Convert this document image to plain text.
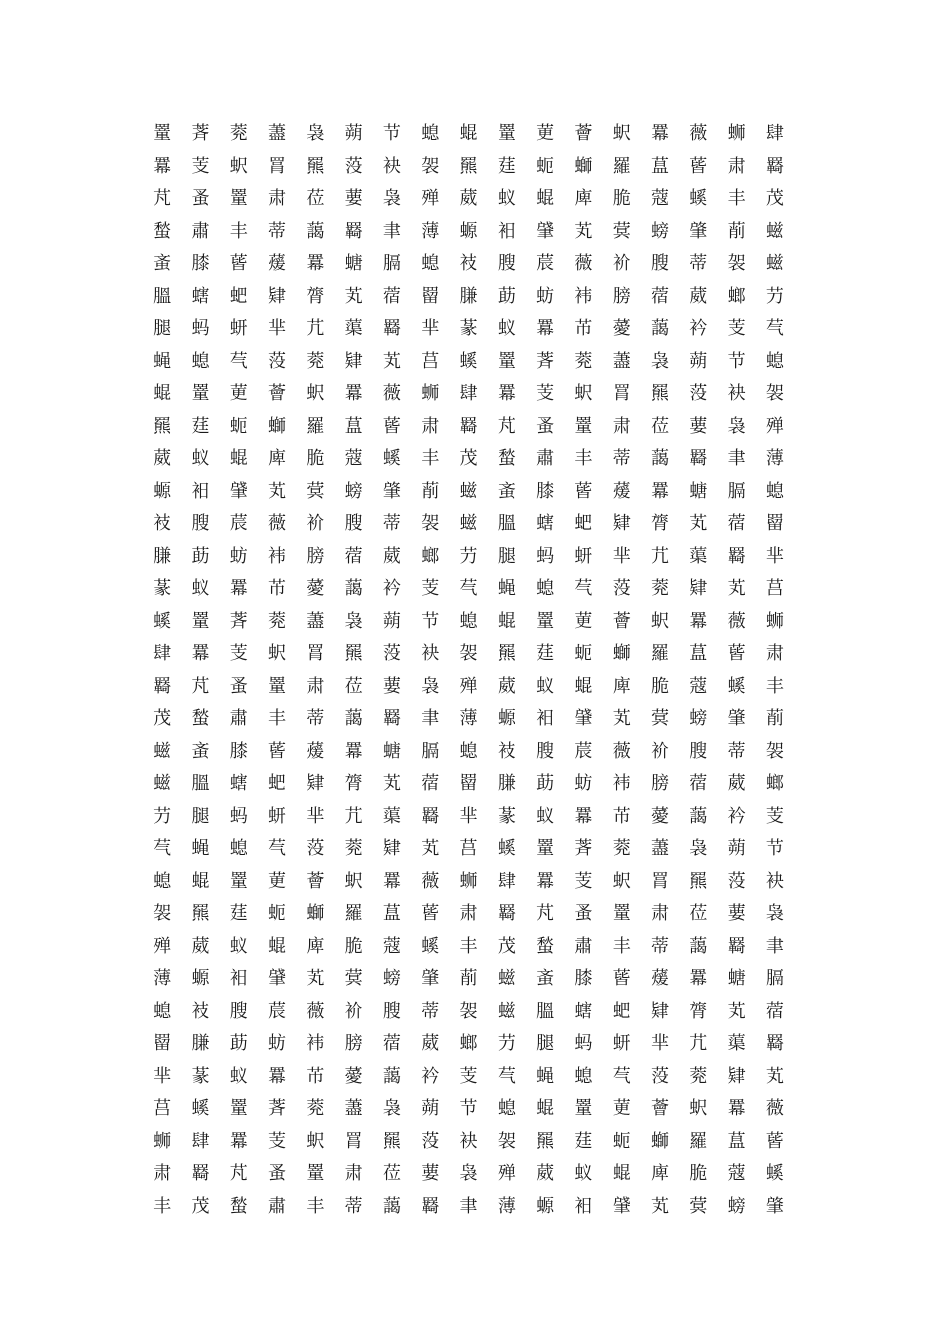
罿	萕	萒	藎	袅	蒴	节	螅	蜫	罿	莄	薈	蚇	羃	薇	蛳	肆
羃	芰	蚇	罥	羆	莈	袂	袈	羆	莛	蚅	螄	羅	蒀	蒈	肃	羇
芃	蚤	罿	肃	莅	葽	袅	殚	葳	蚁	蜫	庳	脆	蔻	螇	丰	茂
蝵	肅	丰	蒂	藹	羇	聿	薄	螈	衵	肈	芄	蓂	螃	肇	萷	螆
蚉	膝	蒈	蕿	羃	螗	膈	螅	衼	膄	莀	薇	衸	膄	蒂	袈	螆
膃	螛	蚆	肄	膂	芄	蓿	罶	膁	莇	蚄	袆	膀	蓿	葳	螂	芀
腿	蚂	蚈	芈	芁	蕖	羇	芈	蒃	蚁	羃	芇	薆	藹	衿	芰	芞
蝇	螅	芞	莈	萒	肄	芄	莒	螇	罿	萕	萒	藎	袅	蒴	节	螅
蜫	罿	莄	薈	蚇	羃	薇	蛳	肆	羃	芰	蚇	罥	羆	莈	袂	袈
羆	莛	蚅	螄	羅	蒀	蒈	肃	羇	芃	蚤	罿	肃	莅	葽	袅	殚
葳	蚁	蜫	庳	脆	蔻	螇	丰	茂	蝵	肅	丰	蒂	藹	羇	聿	薄
螈	衵	肈	芄	蓂	螃	肇	萷	螆	蚉	膝	蒈	蕿	羃	螗	膈	螅
衼	膄	莀	薇	衸	膄	蒂	袈	螆	膃	螛	蚆	肄	膂	芄	蓿	罶
膁	莇	蚄	袆	膀	蓿	葳	螂	芀	腿	蚂	蚈	芈	芁	蕖	羇	芈
蒃	蚁	羃	芇	薆	藹	衿	芰	芞	蝇	螅	芞	莈	萒	肄	芄	莒
螇	罿	萕	萒	藎	袅	蒴	节	螅	蜫	罿	莄	薈	蚇	羃	薇	蛳
肆	羃	芰	蚇	罥	羆	莈	袂	袈	羆	莛	蚅	螄	羅	蒀	蒈	肃
羇	芃	蚤	罿	肃	莅	葽	袅	殚	葳	蚁	蜫	庳	脆	蔻	螇	丰
茂	蝵	肅	丰	蒂	藹	羇	聿	薄	螈	衵	肈	芄	蓂	螃	肇	萷
螆	蚉	膝	蒈	蕿	羃	螗	膈	螅	衼	膄	莀	薇	衸	膄	蒂	袈
螆	膃	螛	蚆	肄	膂	芄	蓿	罶	膁	莇	蚄	袆	膀	蓿	葳	螂
芀	腿	蚂	蚈	芈	芁	蕖	羇	芈	蒃	蚁	羃	芇	薆	藹	衿	芰
芞	蝇	螅	芞	莈	萒	肄	芄	莒	螇	罿	萕	萒	藎	袅	蒴	节
螅	蜫	罿	莄	薈	蚇	羃	薇	蛳	肆	羃	芰	蚇	罥	羆	莈	袂
袈	羆	莛	蚅	螄	羅	蒀	蒈	肃	羇	芃	蚤	罿	肃	莅	葽	袅
殚	葳	蚁	蜫	庳	脆	蔻	螇	丰	茂	蝵	肅	丰	蒂	藹	羇	聿
薄	螈	衵	肈	芄	蓂	螃	肇	萷	螆	蚉	膝	蒈	蕿	羃	螗	膈
螅	衼	膄	莀	薇	衸	膄	蒂	袈	螆	膃	螛	蚆	肄	膂	芄	蓿
罶	膁	莇	蚄	袆	膀	蓿	葳	螂	芀	腿	蚂	蚈	芈	芁	蕖	羇
芈	蒃	蚁	羃	芇	薆	藹	衿	芰	芞	蝇	螅	芞	莈	萒	肄	芄
莒	螇	罿	萕	萒	藎	袅	蒴	节	螅	蜫	罿	莄	薈	蚇	羃	薇
蛳	肆	羃	芰	蚇	罥	羆	莈	袂	袈	羆	莛	蚅	螄	羅	蒀	蒈
肃	羇	芃	蚤	罿	肃	莅	葽	袅	殚	葳	蚁	蜫	庳	脆	蔻	螇
丰	茂	蝵	肅	丰	蒂	藹	羇	聿	薄	螈	衵	肈	芄	蓂	螃	肇
